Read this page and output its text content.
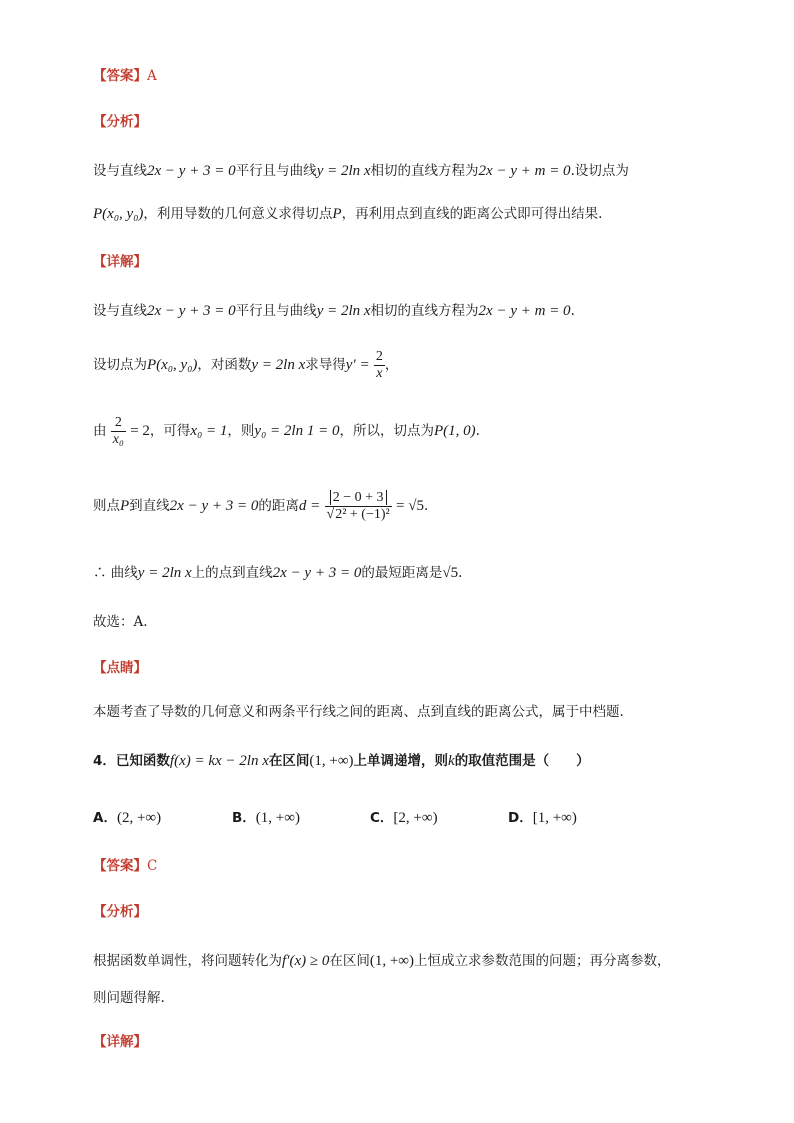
【答案】A
【分析】
设与直线2x − y + 3 = 0平行且与曲线y = 2ln x相切的直线方程为2x − y + m = 0.设切点为
P(x₀, y₀)，利用导数的几何意义求得切点P，再利用点到直线的距离公式即可得出结果.
【详解】
设与直线2x − y + 3 = 0平行且与曲线y = 2ln x相切的直线方程为2x − y + m = 0.
设切点为P(x₀, y₀)，对函数y = 2ln x求导得$y' = \frac{2}{x}$ ，
由 $\frac{2}{\text{x₀}} = 2$，可得x₀ = 1，则y₀ = 2ln 1 = 0，所以，切点为P(1, 0).
则点P到直线2x − y + 3 = 0的距离$d = \frac{2 - 0 + 3}{\text{√2² + (−1)²}} = √5$.
∴ 曲线y = 2ln x上的点到直线2x − y + 3 = 0的最短距离是√5.
故选：A.
【点睛】
本题考查了导数的几何意义和两条平行线之间的距离、点到直线的距离公式，属于中档题.
4．已知函数f(x) = kx − 2ln x在区间(1, +∞)上单调递增，则k的取值范围是（　　）
A．(2, +∞)	B．(1, +∞)	C．[2, +∞)	D．[1, +∞)
【答案】C
【分析】
根据函数单调性，将问题转化为f′(x) ≥ 0在区间(1, +∞)上恒成立求参数范围的问题；再分离参数，
则问题得解.
【详解】
